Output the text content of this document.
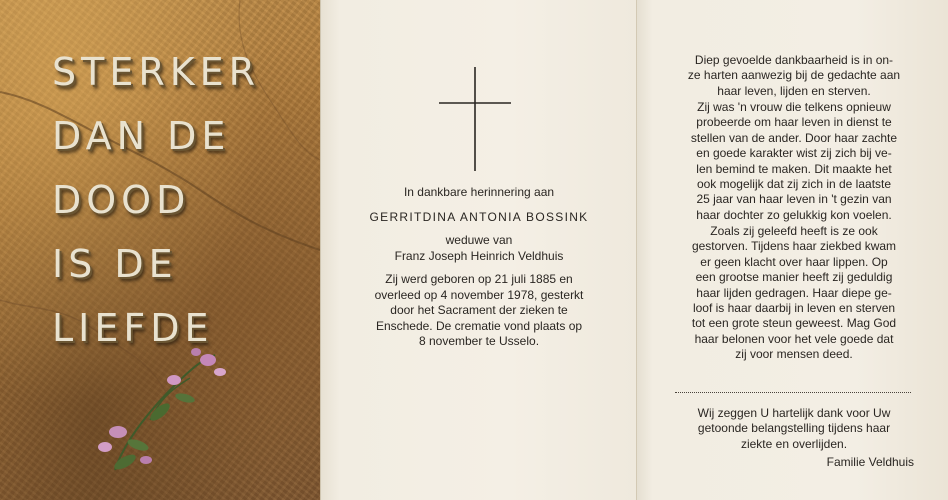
STERKER
DAN DE
DOOD
IS DE
LIEFDE
In dankbare herinnering aan
GERRITDINA ANTONIA BOSSINK
weduwe van
Franz Joseph Heinrich Veldhuis
Zij werd geboren op 21 juli 1885 en
overleed op 4 november 1978, gesterkt
door het Sacrament der zieken te
Enschede. De crematie vond plaats op
8 november te Usselo.
Diep gevoelde dankbaarheid is in on-
ze harten aanwezig bij de gedachte aan
haar leven, lijden en sterven.
Zij was 'n vrouw die telkens opnieuw
probeerde om haar leven in dienst te
stellen van de ander. Door haar zachte
en goede karakter wist zij zich bij ve-
len bemind te maken. Dit maakte het
ook mogelijk dat zij zich in de laatste
25 jaar van haar leven in 't gezin van
haar dochter zo gelukkig kon voelen.
Zoals zij geleefd heeft is ze ook
gestorven. Tijdens haar ziekbed kwam
er geen klacht over haar lippen. Op
een grootse manier heeft zij geduldig
haar lijden gedragen. Haar diepe ge-
loof is haar daarbij in leven en sterven
tot een grote steun geweest. Mag God
haar belonen voor het vele goede dat
zij voor mensen deed.
Wij zeggen U hartelijk dank voor Uw
getoonde belangstelling tijdens haar
ziekte en overlijden.
Familie Veldhuis
